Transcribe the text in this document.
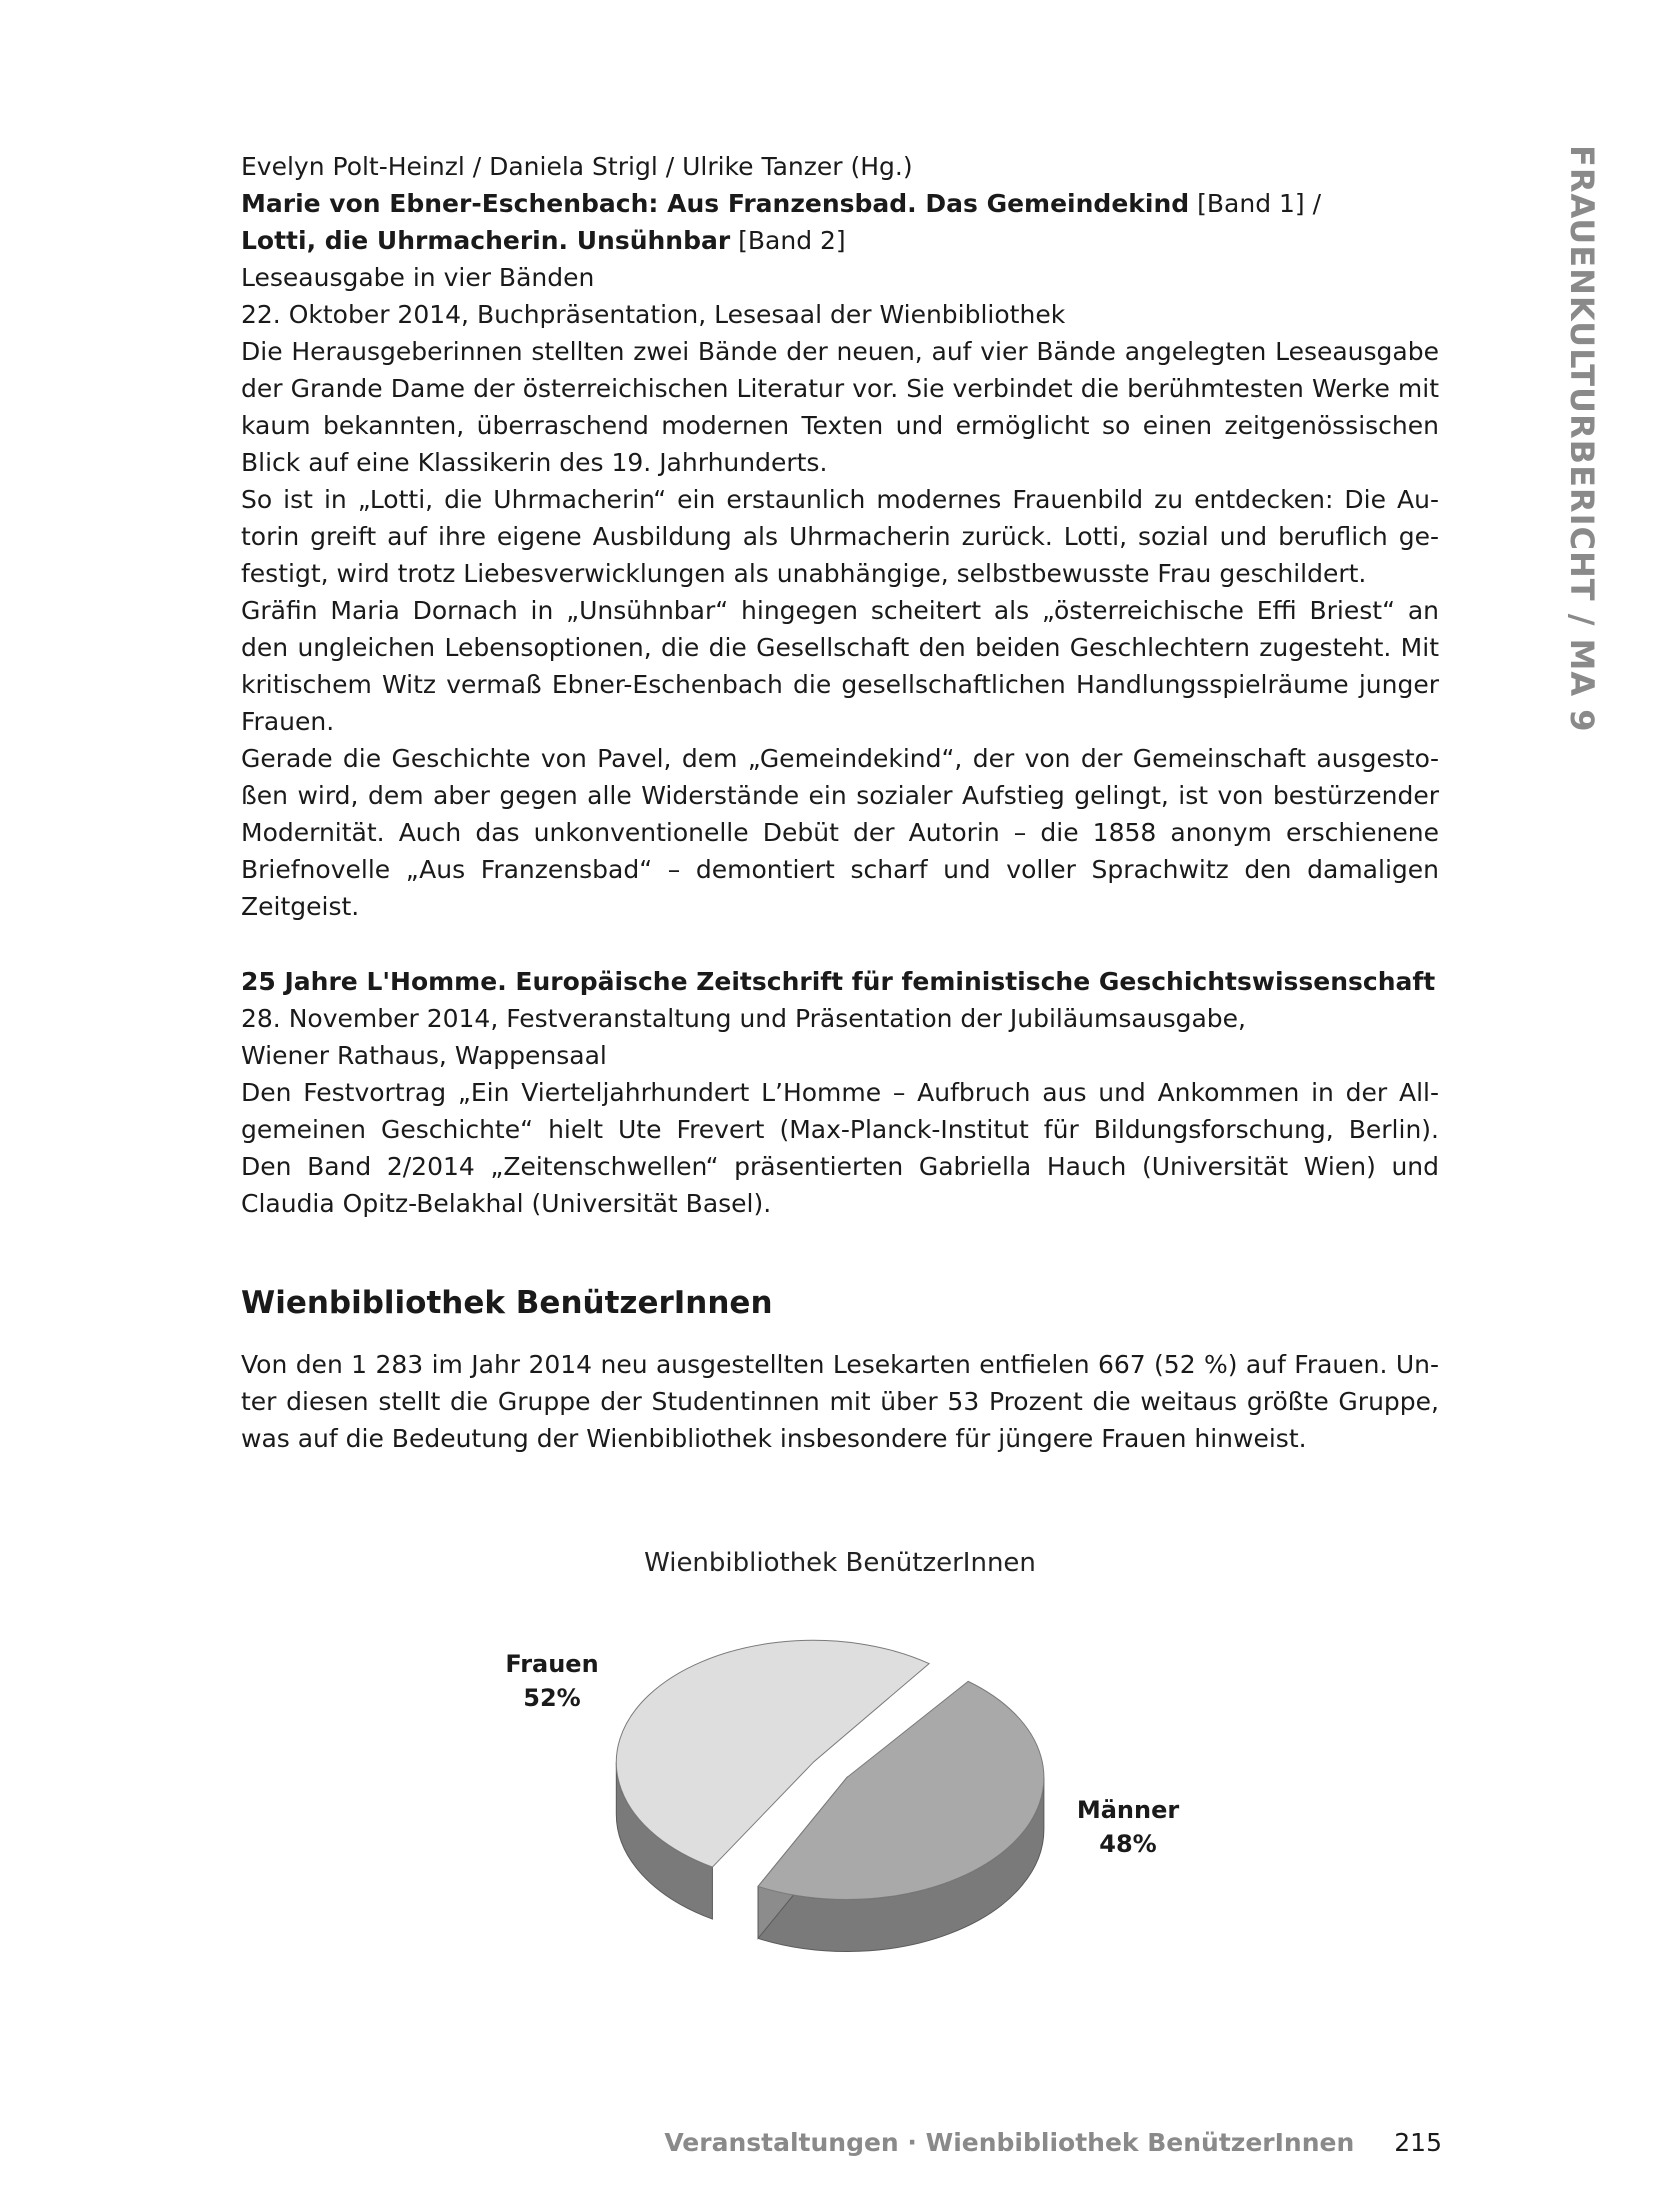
FRAUENKULTURBERICHT / MA 9

Evelyn Polt-Heinzl / Daniela Strigl / Ulrike Tanzer (Hg.)

Marie von Ebner-Eschenbach: Aus Franzensbad. Das Gemeindekind [Band 1] /

Lotti, die Uhrmacherin. Unsühnbar [Band 2]

Leseausgabe in vier Bänden

22. Oktober 2014, Buchpräsentation, Lesesaal der Wienbibliothek

Die Herausgeberinnen stellten zwei Bände der neuen, auf vier Bände angelegten Leseausgabe der Grande Dame der österreichischen Literatur vor. Sie verbindet die berühmtesten Werke mit kaum bekannten, überraschend modernen Texten und ermöglicht so einen zeitgenössischen Blick auf eine Klassikerin des 19. Jahrhunderts.

So ist in „Lotti, die Uhrmacherin“ ein erstaunlich modernes Frauenbild zu entdecken: Die Autorin greift auf ihre eigene Ausbildung als Uhrmacherin zurück. Lotti, sozial und beruflich gefestigt, wird trotz Liebesverwicklungen als unabhängige, selbstbewusste Frau geschildert.

Gräfin Maria Dornach in „Unsühnbar“ hingegen scheitert als „österreichische Effi Briest“ an den ungleichen Lebensoptionen, die die Gesellschaft den beiden Geschlechtern zugesteht. Mit kritischem Witz vermaß Ebner-Eschenbach die gesellschaftlichen Handlungsspielräume junger Frauen.

Gerade die Geschichte von Pavel, dem „Gemeindekind“, der von der Gemeinschaft ausgestoßen wird, dem aber gegen alle Widerstände ein sozialer Aufstieg gelingt, ist von bestürzender Modernität. Auch das unkonventionelle Debüt der Autorin – die 1858 anonym erschienene Briefnovelle „Aus Franzensbad“ – demontiert scharf und voller Sprachwitz den damaligen Zeitgeist.

25 Jahre L'Homme. Europäische Zeitschrift für feministische Geschichtswissenschaft

28. November 2014, Festveranstaltung und Präsentation der Jubiläumsausgabe,

Wiener Rathaus, Wappensaal

Den Festvortrag „Ein Vierteljahrhundert L’Homme – Aufbruch aus und Ankommen in der Allgemeinen Geschichte“ hielt Ute Frevert (Max-Planck-Institut für Bildungsforschung, Berlin). Den Band 2/2014 „Zeitenschwellen“ präsentierten Gabriella Hauch (Universität Wien) und Claudia Opitz-Belakhal (Universität Basel).

Wienbibliothek BenützerInnen

Von den 1 283 im Jahr 2014 neu ausgestellten Lesekarten entfielen 667 (52 %) auf Frauen. Unter diesen stellt die Gruppe der Studentinnen mit über 53 Prozent die weitaus größte Gruppe, was auf die Bedeutung der Wienbibliothek insbesondere für jüngere Frauen hinweist.

Wienbibliothek BenützerInnen
Frauen
52%
Männer
48%
Veranstaltungen · Wienbibliothek BenützerInnen 215
